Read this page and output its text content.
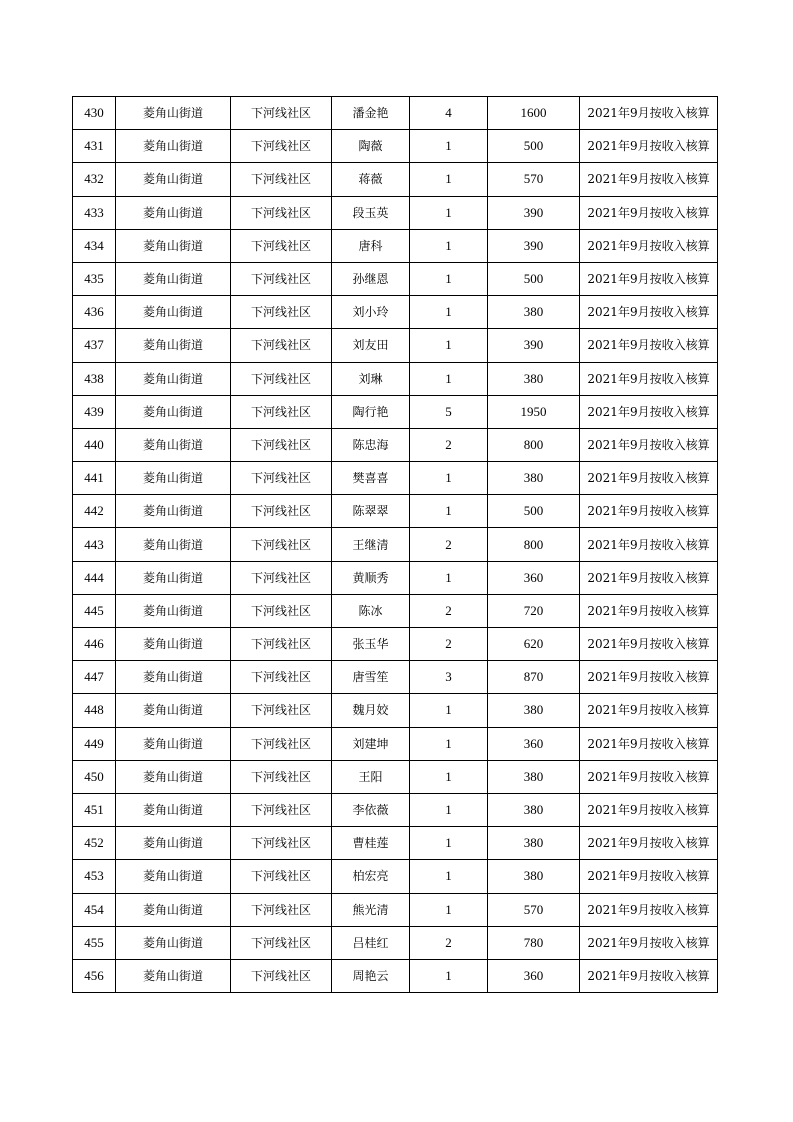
430	菱角山街道	下河线社区	潘金艳	4	1600	2021年9月按收入核算
431	菱角山街道	下河线社区	陶薇	1	500	2021年9月按收入核算
432	菱角山街道	下河线社区	蒋薇	1	570	2021年9月按收入核算
433	菱角山街道	下河线社区	段玉英	1	390	2021年9月按收入核算
434	菱角山街道	下河线社区	唐科	1	390	2021年9月按收入核算
435	菱角山街道	下河线社区	孙继恩	1	500	2021年9月按收入核算
436	菱角山街道	下河线社区	刘小玲	1	380	2021年9月按收入核算
437	菱角山街道	下河线社区	刘友田	1	390	2021年9月按收入核算
438	菱角山街道	下河线社区	刘琳	1	380	2021年9月按收入核算
439	菱角山街道	下河线社区	陶行艳	5	1950	2021年9月按收入核算
440	菱角山街道	下河线社区	陈忠海	2	800	2021年9月按收入核算
441	菱角山街道	下河线社区	樊喜喜	1	380	2021年9月按收入核算
442	菱角山街道	下河线社区	陈翠翠	1	500	2021年9月按收入核算
443	菱角山街道	下河线社区	王继清	2	800	2021年9月按收入核算
444	菱角山街道	下河线社区	黄顺秀	1	360	2021年9月按收入核算
445	菱角山街道	下河线社区	陈冰	2	720	2021年9月按收入核算
446	菱角山街道	下河线社区	张玉华	2	620	2021年9月按收入核算
447	菱角山街道	下河线社区	唐雪笙	3	870	2021年9月按收入核算
448	菱角山街道	下河线社区	魏月姣	1	380	2021年9月按收入核算
449	菱角山街道	下河线社区	刘建坤	1	360	2021年9月按收入核算
450	菱角山街道	下河线社区	王阳	1	380	2021年9月按收入核算
451	菱角山街道	下河线社区	李依薇	1	380	2021年9月按收入核算
452	菱角山街道	下河线社区	曹桂莲	1	380	2021年9月按收入核算
453	菱角山街道	下河线社区	柏宏亮	1	380	2021年9月按收入核算
454	菱角山街道	下河线社区	熊光清	1	570	2021年9月按收入核算
455	菱角山街道	下河线社区	吕桂红	2	780	2021年9月按收入核算
456	菱角山街道	下河线社区	周艳云	1	360	2021年9月按收入核算
